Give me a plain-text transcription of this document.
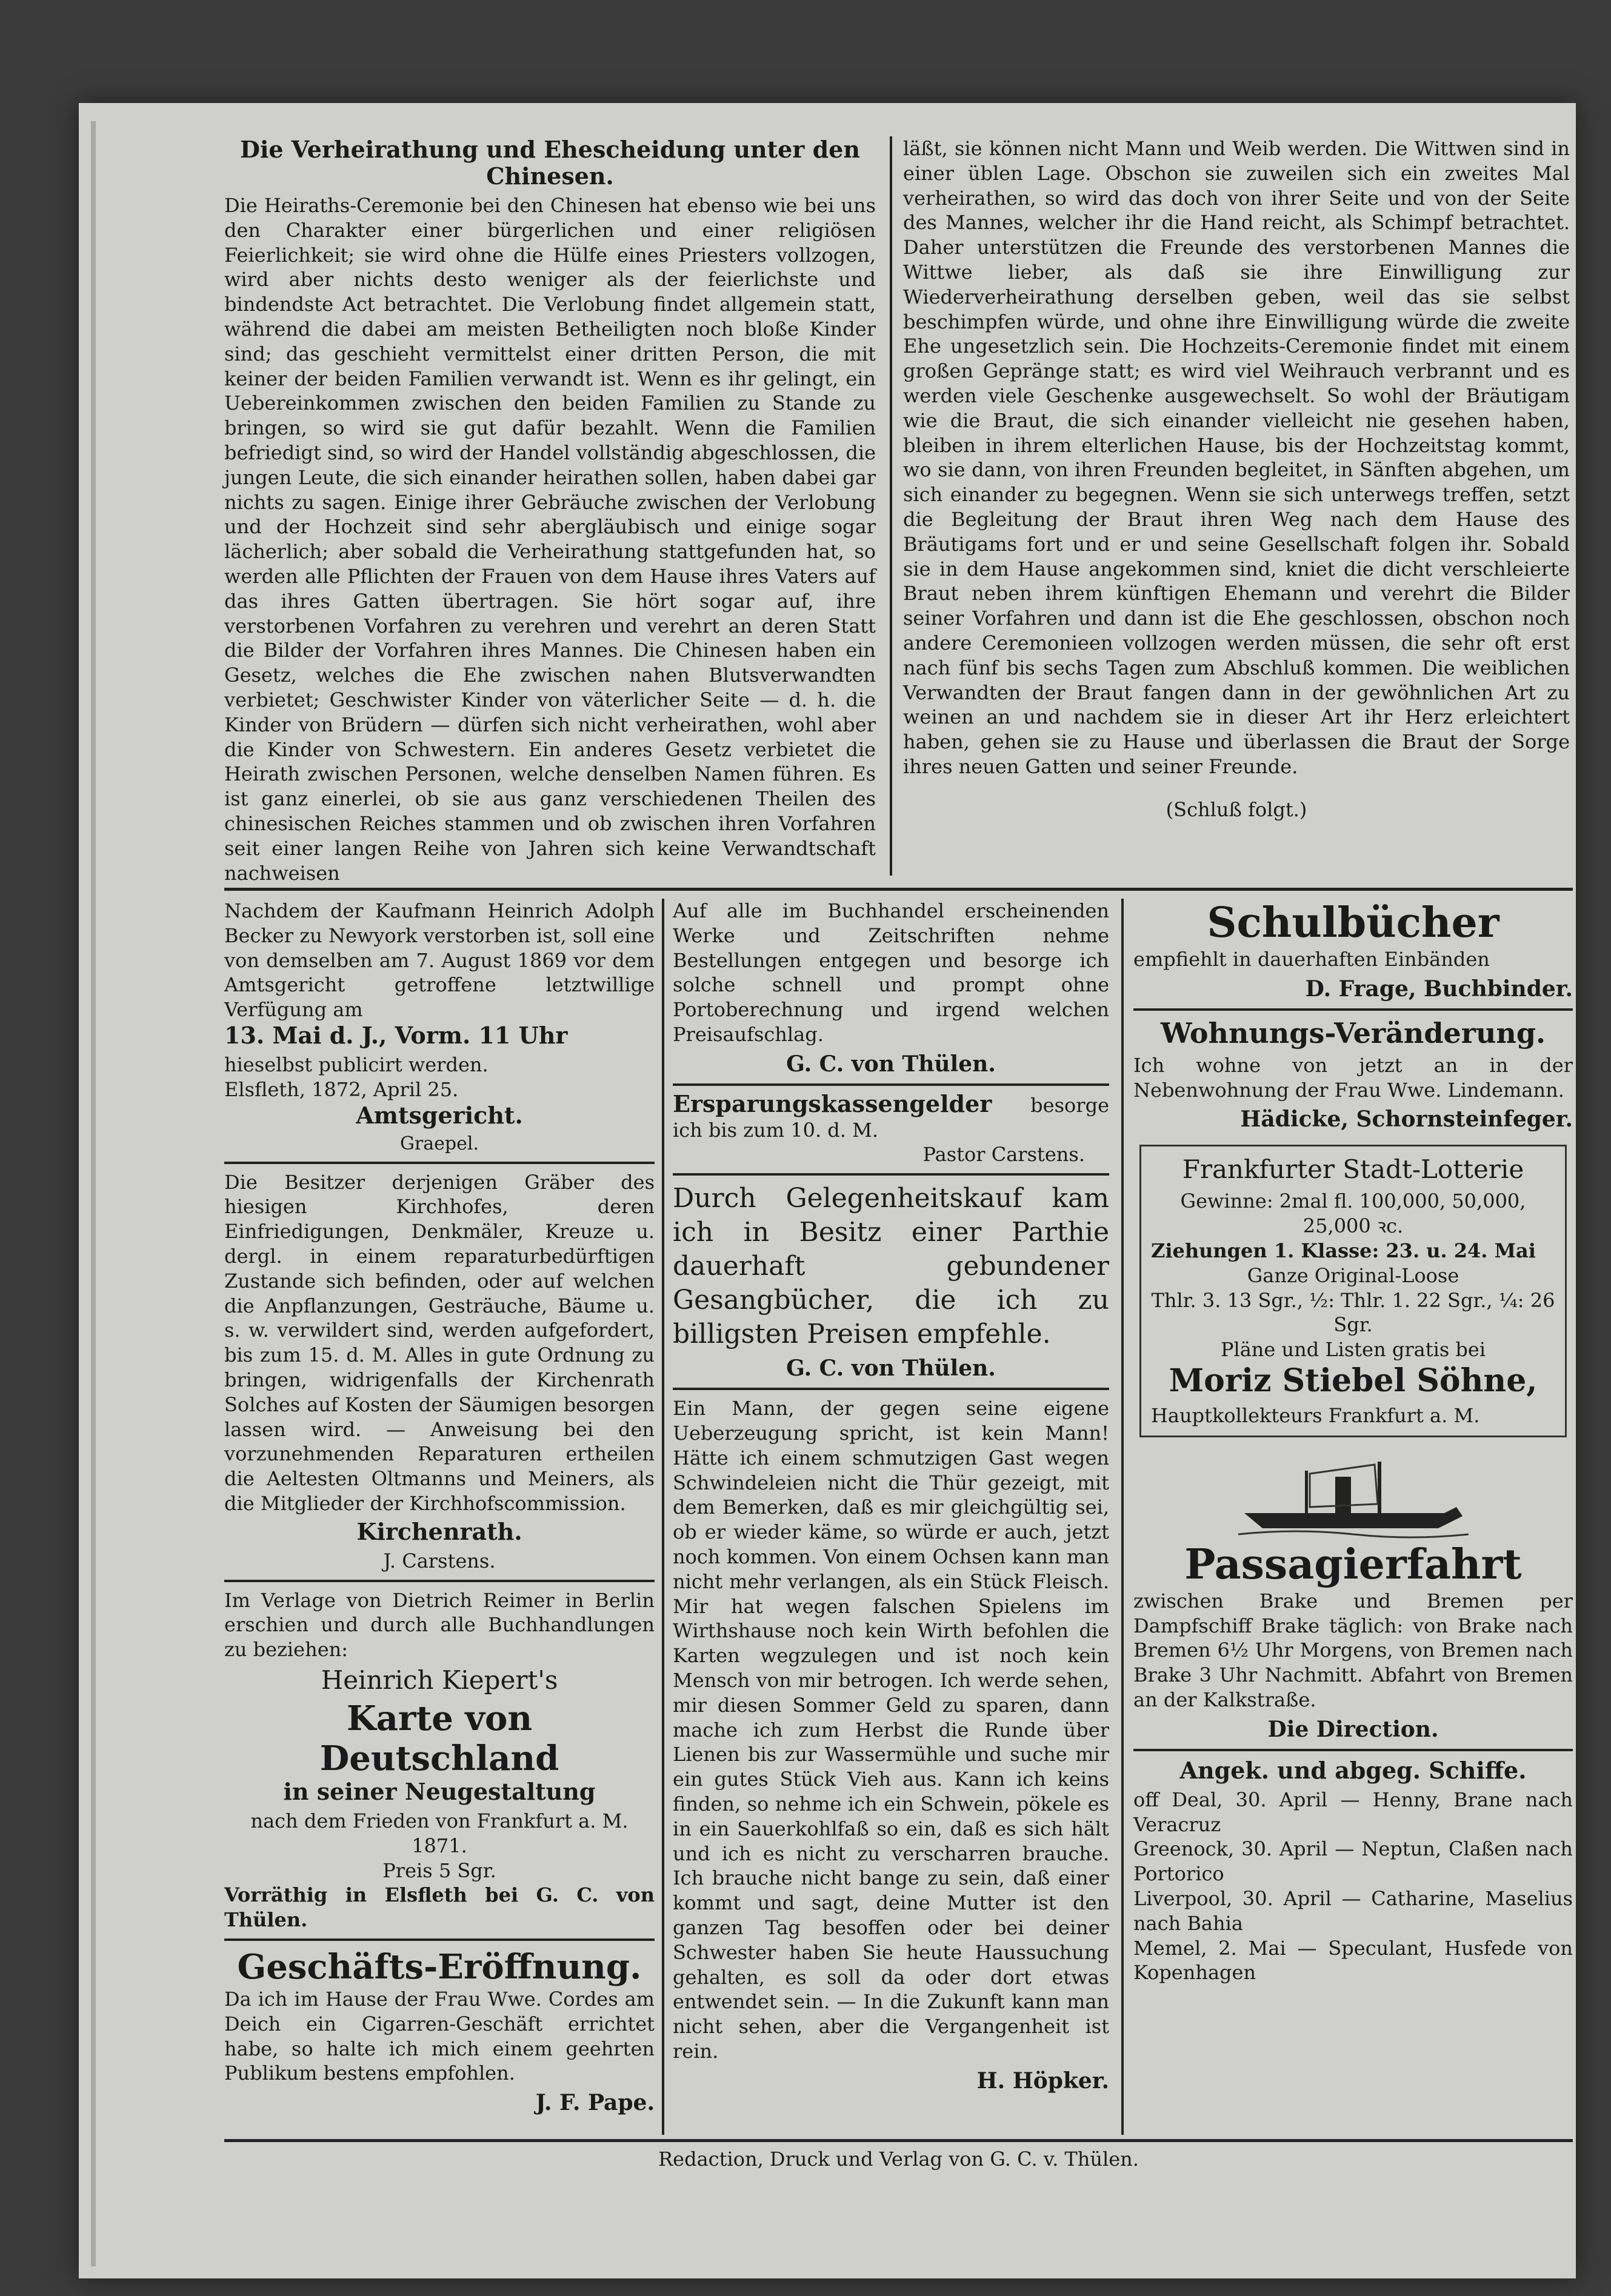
Die Verheirathung und Ehescheidung unter den Chinesen.

Die Heiraths-Ceremonie bei den Chinesen hat ebenso wie bei uns den Charakter einer bürgerlichen und einer religiösen Feierlichkeit; sie wird ohne die Hülfe eines Priesters vollzogen, wird aber nichts desto weniger als der feierlichste und bindendste Act betrachtet. Die Verlobung findet allgemein statt, während die dabei am meisten Betheiligten noch bloße Kinder sind; das geschieht vermittelst einer dritten Person, die mit keiner der beiden Familien verwandt ist. Wenn es ihr gelingt, ein Uebereinkommen zwischen den beiden Familien zu Stande zu bringen, so wird sie gut dafür bezahlt. Wenn die Familien befriedigt sind, so wird der Handel vollständig abgeschlossen, die jungen Leute, die sich einander heirathen sollen, haben dabei gar nichts zu sagen. Einige ihrer Gebräuche zwischen der Verlobung und der Hochzeit sind sehr abergläubisch und einige sogar lächerlich; aber sobald die Verheirathung stattgefunden hat, so werden alle Pflichten der Frauen von dem Hause ihres Vaters auf das ihres Gatten übertragen. Sie hört sogar auf, ihre verstorbenen Vorfahren zu verehren und verehrt an deren Statt die Bilder der Vorfahren ihres Mannes. Die Chinesen haben ein Gesetz, welches die Ehe zwischen nahen Blutsverwandten verbietet; Geschwister Kinder von väterlicher Seite — d. h. die Kinder von Brüdern — dürfen sich nicht verheirathen, wohl aber die Kinder von Schwestern. Ein anderes Gesetz verbietet die Heirath zwischen Personen, welche denselben Namen führen. Es ist ganz einerlei, ob sie aus ganz verschiedenen Theilen des chinesischen Reiches stammen und ob zwischen ihren Vorfahren seit einer langen Reihe von Jahren sich keine Verwandtschaft nachweisen

läßt, sie können nicht Mann und Weib werden. Die Wittwen sind in einer üblen Lage. Obschon sie zuweilen sich ein zweites Mal verheirathen, so wird das doch von ihrer Seite und von der Seite des Mannes, welcher ihr die Hand reicht, als Schimpf betrachtet. Daher unterstützen die Freunde des verstorbenen Mannes die Wittwe lieber, als daß sie ihre Einwilligung zur Wiederverheirathung derselben geben, weil das sie selbst beschimpfen würde, und ohne ihre Einwilligung würde die zweite Ehe ungesetzlich sein. Die Hochzeits-Ceremonie findet mit einem großen Gepränge statt; es wird viel Weihrauch verbrannt und es werden viele Geschenke ausgewechselt. So wohl der Bräutigam wie die Braut, die sich einander vielleicht nie gesehen haben, bleiben in ihrem elterlichen Hause, bis der Hochzeitstag kommt, wo sie dann, von ihren Freunden begleitet, in Sänften abgehen, um sich einander zu begegnen. Wenn sie sich unterwegs treffen, setzt die Begleitung der Braut ihren Weg nach dem Hause des Bräutigams fort und er und seine Gesellschaft folgen ihr. Sobald sie in dem Hause angekommen sind, kniet die dicht verschleierte Braut neben ihrem künftigen Ehemann und verehrt die Bilder seiner Vorfahren und dann ist die Ehe geschlossen, obschon noch andere Ceremonieen vollzogen werden müssen, die sehr oft erst nach fünf bis sechs Tagen zum Abschluß kommen. Die weiblichen Verwandten der Braut fangen dann in der gewöhnlichen Art zu weinen an und nachdem sie in dieser Art ihr Herz erleichtert haben, gehen sie zu Hause und überlassen die Braut der Sorge ihres neuen Gatten und seiner Freunde.

(Schluß folgt.)

Nachdem der Kaufmann Heinrich Adolph Becker zu Newyork verstorben ist, soll eine von demselben am 7. August 1869 vor dem Amtsgericht getroffene letztwillige Verfügung am

13. Mai d. J., Vorm. 11 Uhr

hieselbst publicirt werden.

Elsfleth, 1872, April 25.

Amtsgericht.

Graepel.

Die Besitzer derjenigen Gräber des hiesigen Kirchhofes, deren Einfriedigungen, Denkmäler, Kreuze u. dergl. in einem reparaturbedürftigen Zustande sich befinden, oder auf welchen die Anpflanzungen, Gesträuche, Bäume u. s. w. verwildert sind, werden aufgefordert, bis zum 15. d. M. Alles in gute Ordnung zu bringen, widrigenfalls der Kirchenrath Solches auf Kosten der Säumigen besorgen lassen wird. — Anweisung bei den vorzunehmenden Reparaturen ertheilen die Aeltesten Oltmanns und Meiners, als die Mitglieder der Kirchhofscommission.

Kirchenrath.

J. Carstens.

Im Verlage von Dietrich Reimer in Berlin erschien und durch alle Buchhandlungen zu beziehen:

Heinrich Kiepert's

Karte von Deutschland

in seiner Neugestaltung

nach dem Frieden von Frankfurt a. M. 1871.

Preis 5 Sgr.

Vorräthig in Elsfleth bei G. C. von Thülen.

Geschäfts-Eröffnung.

Da ich im Hause der Frau Wwe. Cordes am Deich ein Cigarren-Geschäft errichtet habe, so halte ich mich einem geehrten Publikum bestens empfohlen.

J. F. Pape.

Auf alle im Buchhandel erscheinenden Werke und Zeitschriften nehme Bestellungen entgegen und besorge ich solche schnell und prompt ohne Portoberechnung und irgend welchen Preisaufschlag.

G. C. von Thülen.

Ersparungskassengelder besorge ich bis zum 10. d. M.

Pastor Carstens.

Durch Gelegenheitskauf kam ich in Besitz einer Parthie dauerhaft gebundener Gesangbücher, die ich zu billigsten Preisen empfehle.

G. C. von Thülen.

Ein Mann, der gegen seine eigene Ueberzeugung spricht, ist kein Mann! Hätte ich einem schmutzigen Gast wegen Schwindeleien nicht die Thür gezeigt, mit dem Bemerken, daß es mir gleichgültig sei, ob er wieder käme, so würde er auch, jetzt noch kommen. Von einem Ochsen kann man nicht mehr verlangen, als ein Stück Fleisch. Mir hat wegen falschen Spielens im Wirthshause noch kein Wirth befohlen die Karten wegzulegen und ist noch kein Mensch von mir betrogen. Ich werde sehen, mir diesen Sommer Geld zu sparen, dann mache ich zum Herbst die Runde über Lienen bis zur Wassermühle und suche mir ein gutes Stück Vieh aus. Kann ich keins finden, so nehme ich ein Schwein, pökele es in ein Sauerkohlfaß so ein, daß es sich hält und ich es nicht zu verscharren brauche. Ich brauche nicht bange zu sein, daß einer kommt und sagt, deine Mutter ist den ganzen Tag besoffen oder bei deiner Schwester haben Sie heute Haussuchung gehalten, es soll da oder dort etwas entwendet sein. — In die Zukunft kann man nicht sehen, aber die Vergangenheit ist rein.

H. Höpker.

Schulbücher

empfiehlt in dauerhaften Einbänden

D. Frage, Buchbinder.

Wohnungs-Veränderung.

Ich wohne von jetzt an in der Nebenwohnung der Frau Wwe. Lindemann.

Hädicke, Schornsteinfeger.

Frankfurter Stadt-Lotterie

Gewinne: 2mal fl. 100,000, 50,000, 25,000 ꝛc.

Ziehungen 1. Klasse: 23. u. 24. Mai

Ganze Original-Loose

Thlr. 3. 13 Sgr., ½: Thlr. 1. 22 Sgr., ¼: 26 Sgr.

Pläne und Listen gratis bei

Moriz Stiebel Söhne,

Hauptkollekteurs Frankfurt a. M.

Passagierfahrt

zwischen Brake und Bremen per Dampfschiff Brake täglich: von Brake nach Bremen 6½ Uhr Morgens, von Bremen nach Brake 3 Uhr Nachmitt. Abfahrt von Bremen an der Kalkstraße.

Die Direction.

Angek. und abgeg. Schiffe.

off Deal, 30. April — Henny, Brane nach Veracruz

Greenock, 30. April — Neptun, Claßen nach Portorico

Liverpool, 30. April — Catharine, Maselius nach Bahia

Memel, 2. Mai — Speculant, Husfede von Kopenhagen

Redaction, Druck und Verlag von G. C. v. Thülen.
